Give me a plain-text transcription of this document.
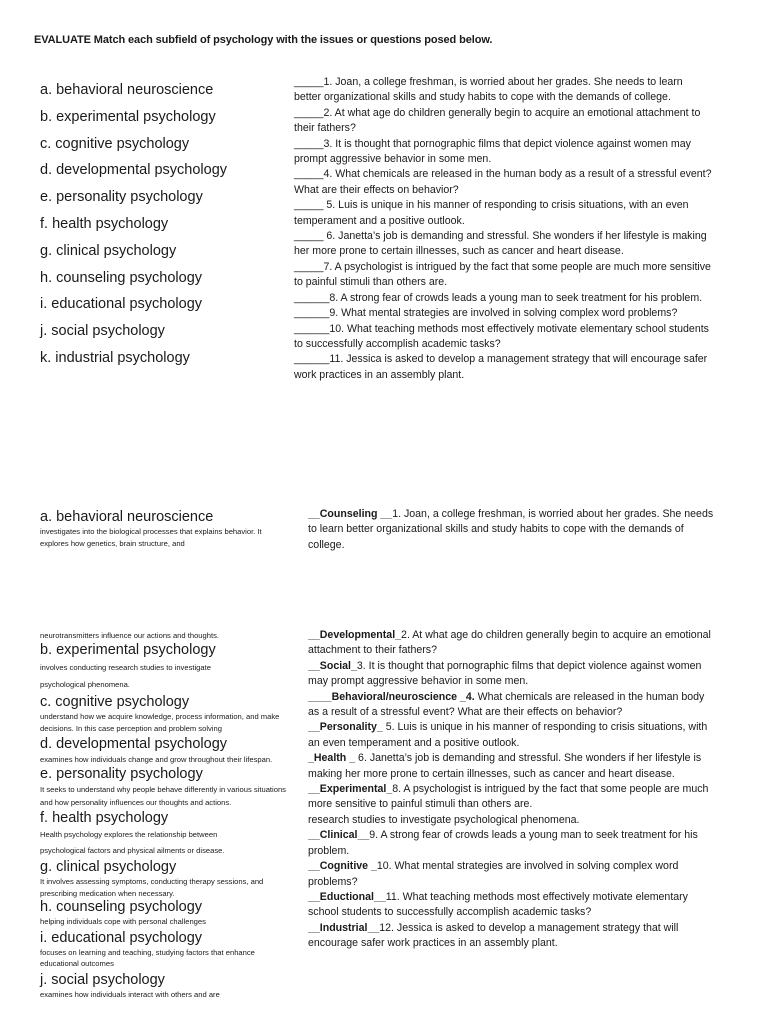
EVALUATE Match each subfield of psychology with the issues or questions posed below.
a. behavioral neuroscience
b. experimental psychology
c. cognitive psychology
d. developmental psychology
e. personality psychology
f. health psychology
g. clinical psychology
h. counseling psychology
i. educational psychology
j. social psychology
k. industrial psychology

_____1. Joan, a college freshman, is worried about her grades. She needs to learn better organizational skills and study habits to cope with the demands of college.

_____2. At what age do children generally begin to acquire an emotional attachment to their fathers?

_____3. It is thought that pornographic films that depict violence against women may prompt aggressive behavior in some men.

_____4. What chemicals are released in the human body as a result of a stressful event? What are their effects on behavior?

_____ 5. Luis is unique in his manner of responding to crisis situations, with an even temperament and a positive outlook.

_____ 6. Janetta’s job is demanding and stressful. She wonders if her lifestyle is making her more prone to certain illnesses, such as cancer and heart disease.

_____7. A psychologist is intrigued by the fact that some people are much more sensitive to painful stimuli than others are.

______8. A strong fear of crowds leads a young man to seek treatment for his problem.

______9. What mental strategies are involved in solving complex word problems?

______10. What teaching methods most effectively motivate elementary school students to successfully accomplish academic tasks?

______11. Jessica is asked to develop a management strategy that will encourage safer work practices in an assembly plant.

a. behavioral neuroscience
investigates into the biological processes that explains behavior. It explores how genetics, brain structure, and
neurotransmitters influence our actions and thoughts.
b. experimental psychology
involves conducting research studies to investigate
psychological phenomena.
c. cognitive psychology
understand how we acquire knowledge, process information, and make decisions. In this case perception and problem solving
d. developmental psychology
examines how individuals change and grow throughout their lifespan.
e. personality psychology
It seeks to understand why people behave differently in various situations and how personality influences our thoughts and actions.
f. health psychology
Health psychology explores the relationship between
psychological factors and physical ailments or disease.
g. clinical psychology
It involves assessing symptoms, conducting therapy sessions, and prescribing medication when necessary.
h. counseling psychology
helping individuals cope with personal challenges
i. educational psychology
focuses on learning and teaching, studying factors that enhance educational outcomes
j. social psychology
examines how individuals interact with others and are

__Counseling __1. Joan, a college freshman, is worried about her grades. She needs to learn better organizational skills and study habits to cope with the demands of college.

__Developmental_2. At what age do children generally begin to acquire an emotional attachment to their fathers?

__Social_3. It is thought that pornographic films that depict violence against women may prompt aggressive behavior in some men.

____Behavioral/neuroscience _4. What chemicals are released in the human body as a result of a stressful event? What are their effects on behavior?

__Personality_ 5. Luis is unique in his manner of responding to crisis situations, with an even temperament and a positive outlook.

_Health _ 6. Janetta’s job is demanding and stressful. She wonders if her lifestyle is making her more prone to certain illnesses, such as cancer and heart disease.

__Experimental_8. A psychologist is intrigued by the fact that some people are much more sensitive to painful stimuli than others are.
research studies to investigate psychological phenomena.

__Clinical__9. A strong fear of crowds leads a young man to seek treatment for his problem.

__Cognitive _10. What mental strategies are involved in solving complex word problems?

__Eductional__11. What teaching methods most effectively motivate elementary school students to successfully accomplish academic tasks?

__Industrial__12. Jessica is asked to develop a management strategy that will encourage safer work practices in an assembly plant.
